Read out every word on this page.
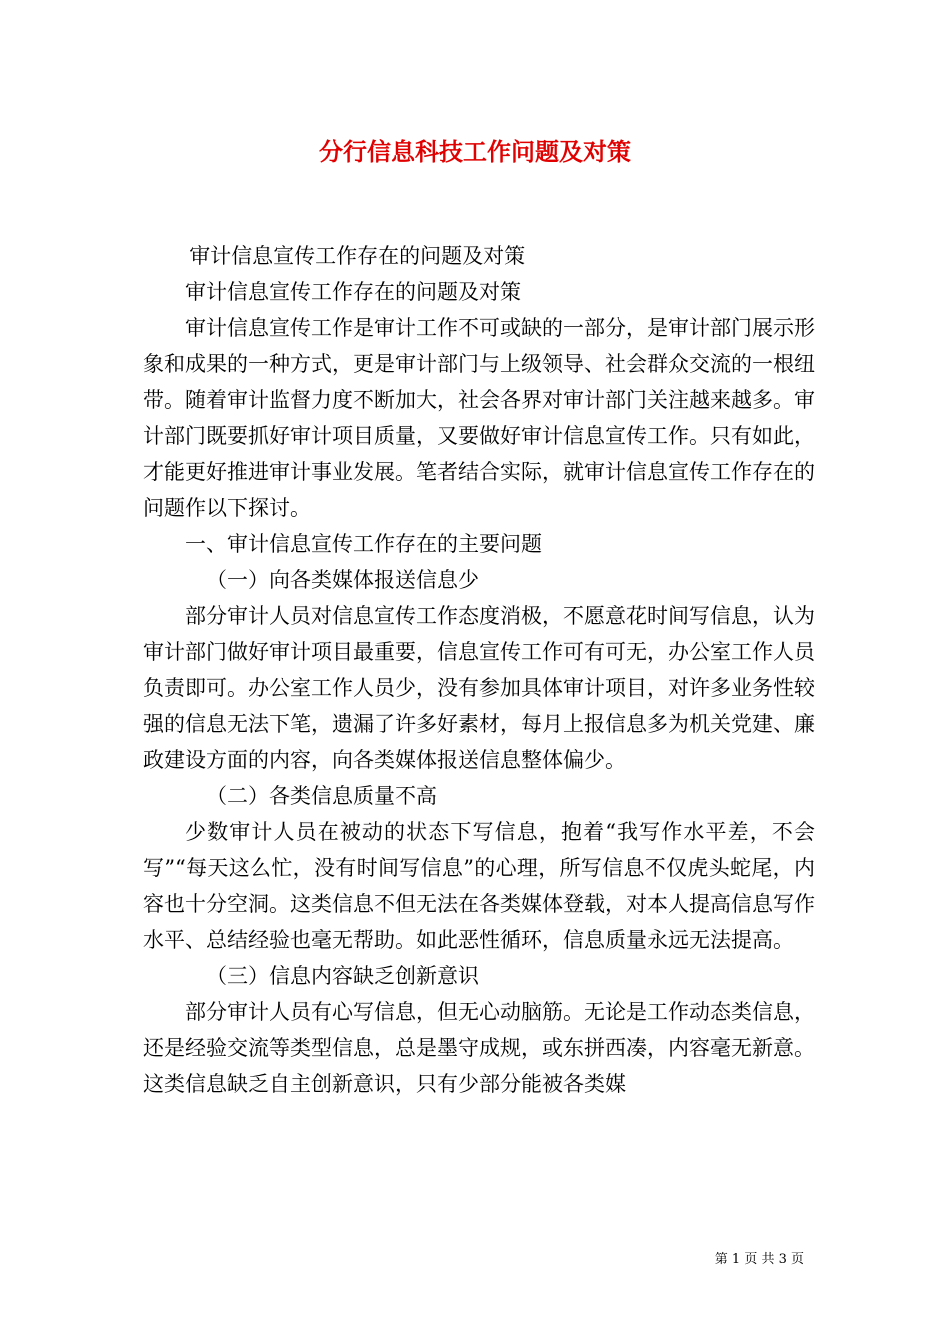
分行信息科技工作问题及对策

审计信息宣传工作存在的问题及对策

审计信息宣传工作存在的问题及对策

审计信息宣传工作是审计工作不可或缺的一部分，是审计部门展示形象和成果的一种方式，更是审计部门与上级领导、社会群众交流的一根纽带。随着审计监督力度不断加大，社会各界对审计部门关注越来越多。审计部门既要抓好审计项目质量，又要做好审计信息宣传工作。只有如此，才能更好推进审计事业发展。笔者结合实际，就审计信息宣传工作存在的问题作以下探讨。

一、审计信息宣传工作存在的主要问题

（一）向各类媒体报送信息少

部分审计人员对信息宣传工作态度消极，不愿意花时间写信息，认为审计部门做好审计项目最重要，信息宣传工作可有可无，办公室工作人员负责即可。办公室工作人员少，没有参加具体审计项目，对许多业务性较强的信息无法下笔，遗漏了许多好素材，每月上报信息多为机关党建、廉政建设方面的内容，向各类媒体报送信息整体偏少。

（二）各类信息质量不高

少数审计人员在被动的状态下写信息，抱着“我写作水平差，不会写”“每天这么忙，没有时间写信息”的心理，所写信息不仅虎头蛇尾，内容也十分空洞。这类信息不但无法在各类媒体登载，对本人提高信息写作水平、总结经验也毫无帮助。如此恶性循环，信息质量永远无法提高。

（三）信息内容缺乏创新意识

部分审计人员有心写信息，但无心动脑筋。无论是工作动态类信息，还是经验交流等类型信息，总是墨守成规，或东拼西凑，内容毫无新意。这类信息缺乏自主创新意识，只有少部分能被各类媒

第 1 页 共 3 页
